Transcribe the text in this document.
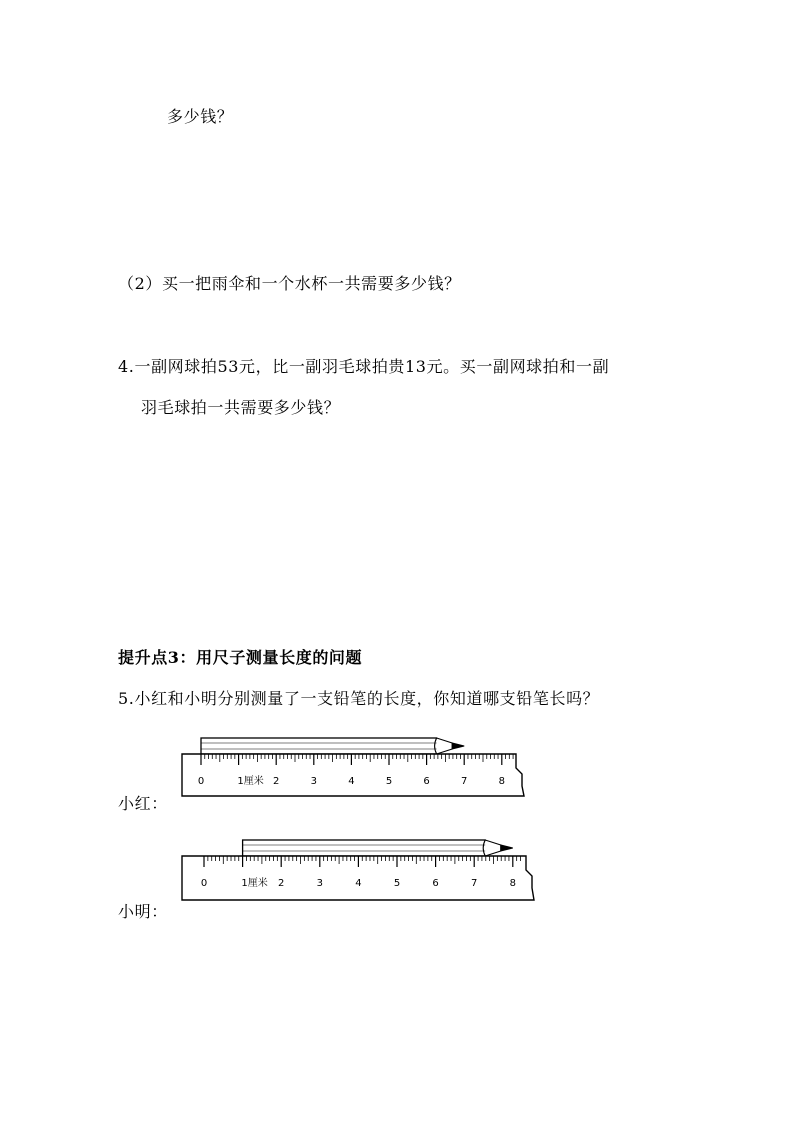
多少钱？
（2）买一把雨伞和一个水杯一共需要多少钱？
4.一副网球拍53元，比一副羽毛球拍贵13元。买一副网球拍和一副
羽毛球拍一共需要多少钱？
提升点3：用尺子测量长度的问题
5.小红和小明分别测量了一支铅笔的长度，你知道哪支铅笔长吗？
0	1厘米 2	3	4	5	6	7	8
小红：
0	1厘米 2	3	4	5	6	7	8
小明：
